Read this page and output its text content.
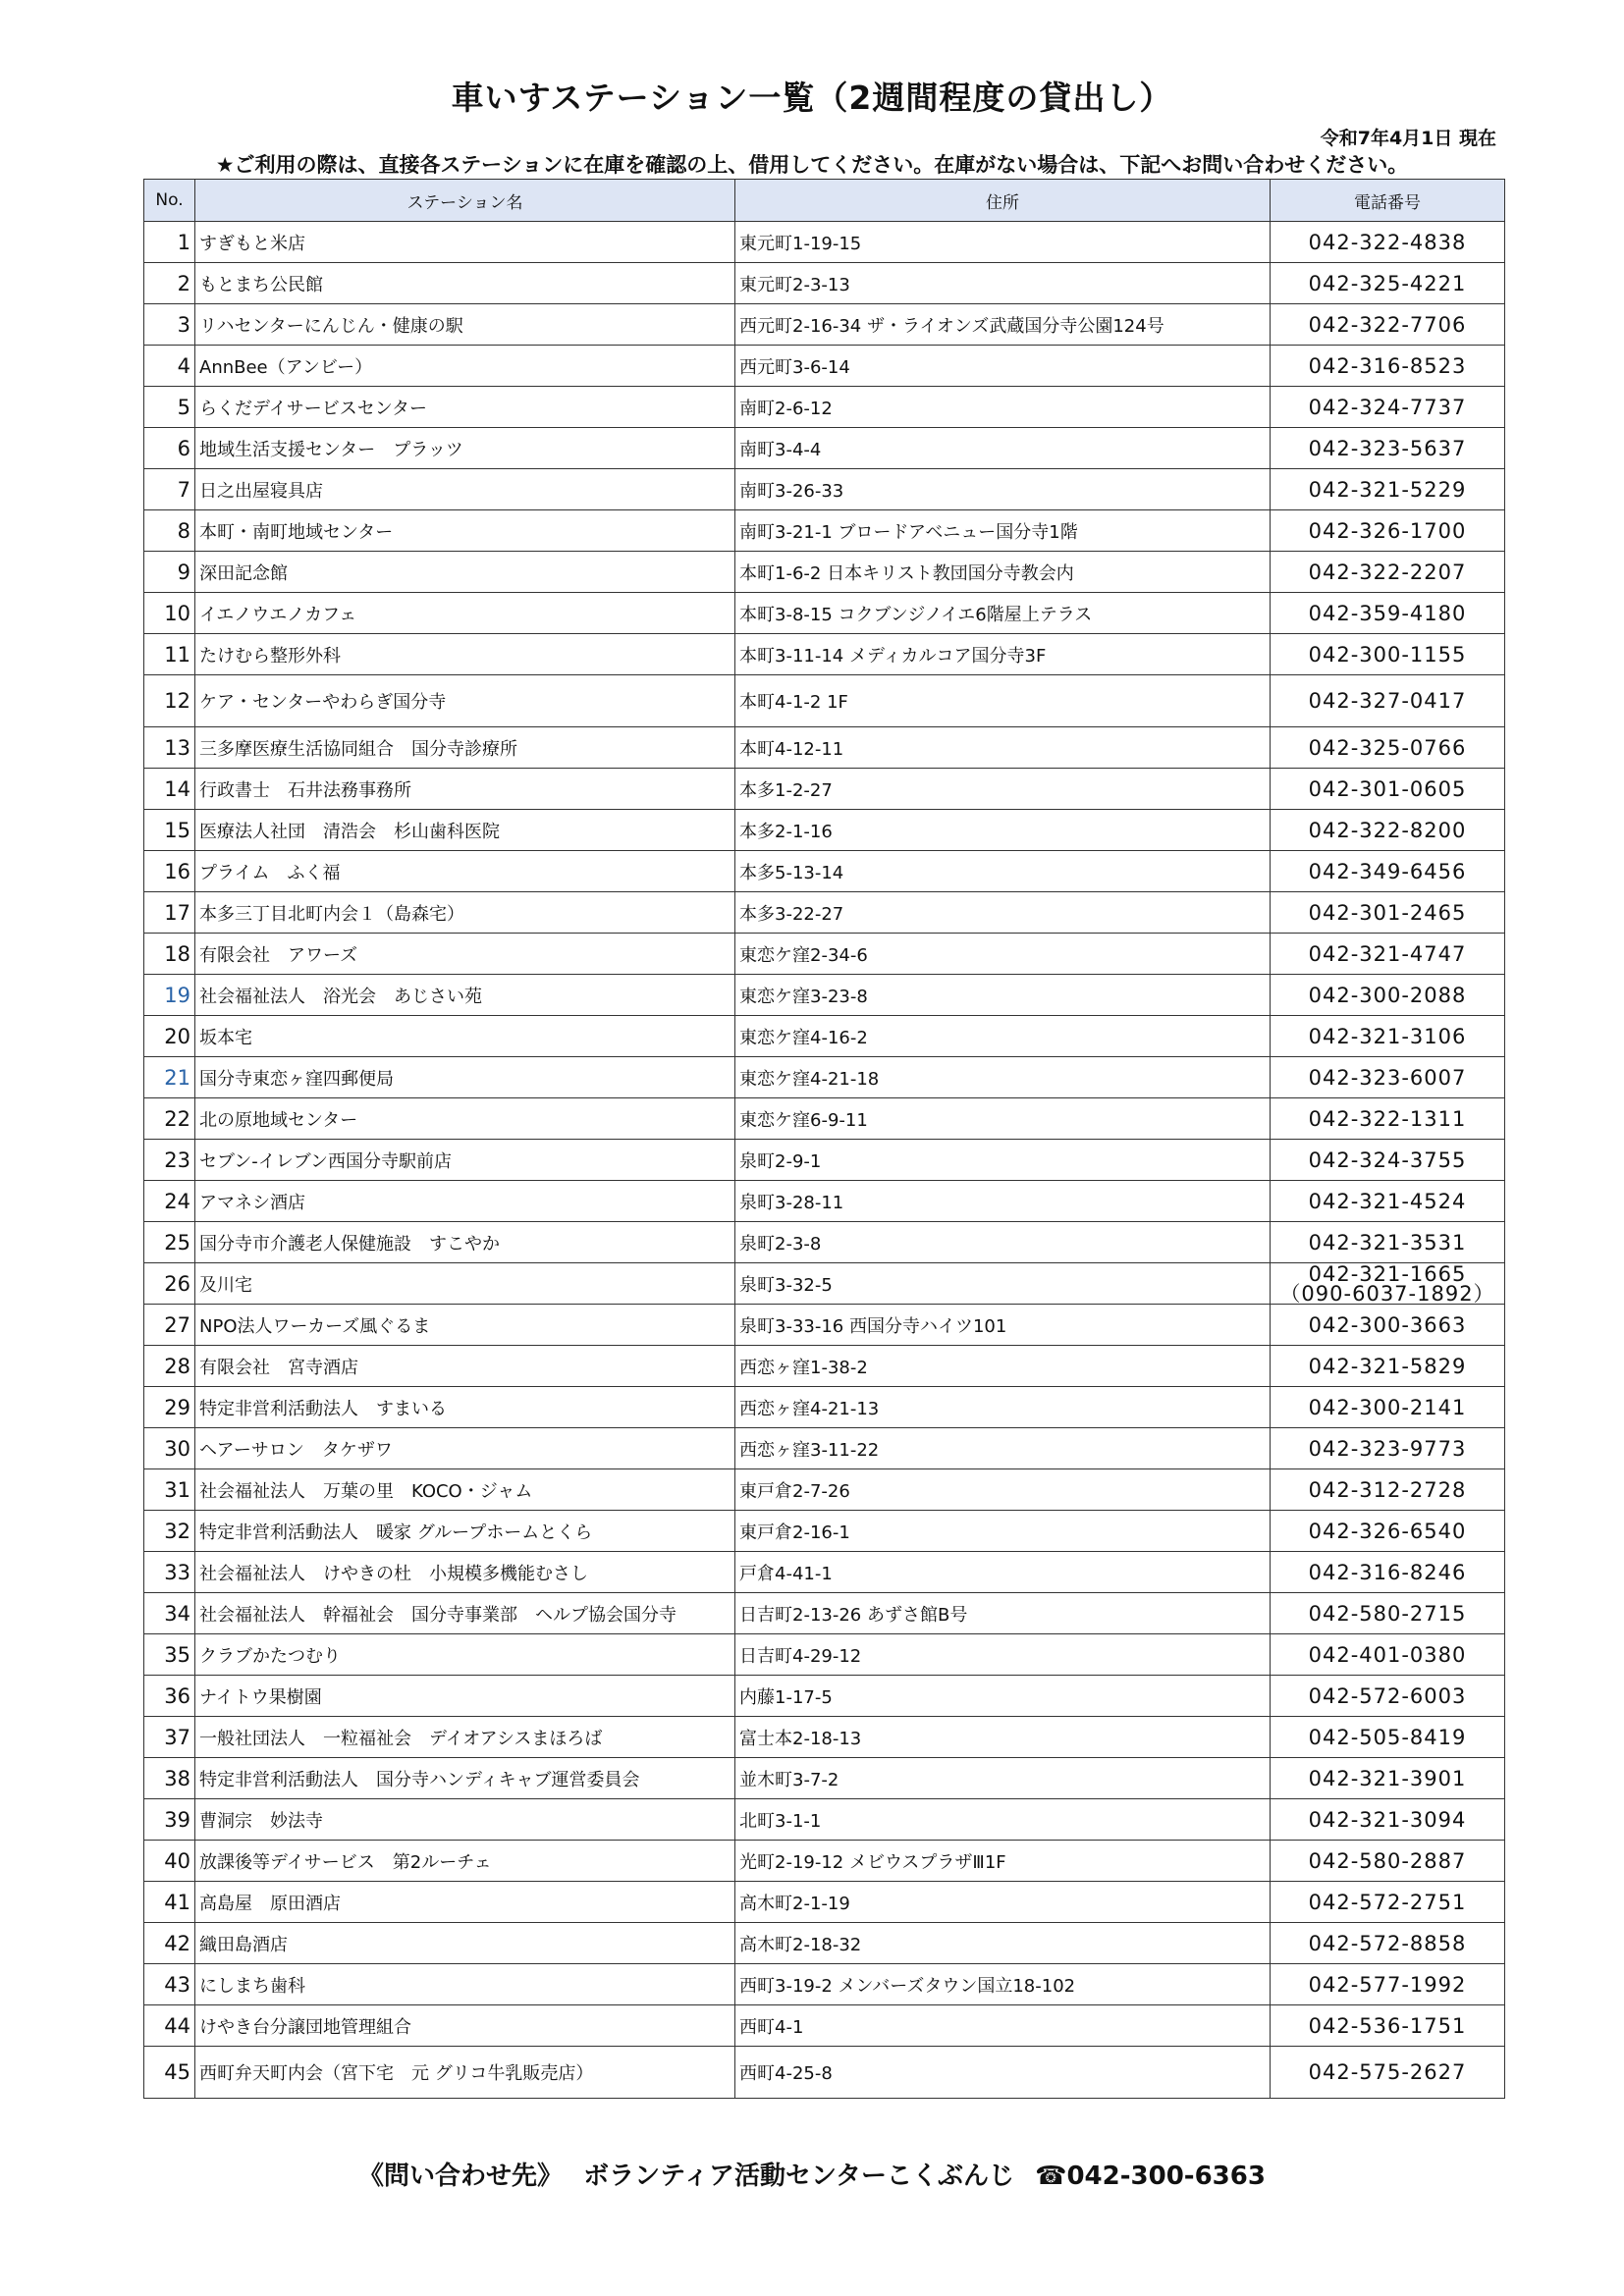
車いすステーション一覧（2週間程度の貸出し）
令和7年4月1日 現在
★ご利用の際は、直接各ステーションに在庫を確認の上、借用してください。在庫がない場合は、下記へお問い合わせください。
No.	ステーション名	住所	電話番号
1	すぎもと米店	東元町1-19-15	042-322-4838

2	もとまち公民館	東元町2-3-13	042-325-4221

3	リハセンターにんじん・健康の駅	西元町2-16-34 ザ・ライオンズ武蔵国分寺公園124号	042-322-7706

4	AnnBee（アンビー）	西元町3-6-14	042-316-8523

5	らくだデイサービスセンター	南町2-6-12	042-324-7737

6	地域生活支援センター　プラッツ	南町3-4-4	042-323-5637

7	日之出屋寝具店	南町3-26-33	042-321-5229

8	本町・南町地域センター	南町3-21-1 ブロードアベニュー国分寺1階	042-326-1700

9	深田記念館	本町1-6-2 日本キリスト教団国分寺教会内	042-322-2207

10	イエノウエノカフェ	本町3-8-15 コクブンジノイエ6階屋上テラス	042-359-4180

11	たけむら整形外科	本町3-11-14 メディカルコア国分寺3F	042-300-1155

12	ケア・センターやわらぎ国分寺	本町4-1-2 1F	042-327-0417

13	三多摩医療生活協同組合　国分寺診療所	本町4-12-11	042-325-0766

14	行政書士　石井法務事務所	本多1-2-27	042-301-0605

15	医療法人社団　清浩会　杉山歯科医院	本多2-1-16	042-322-8200

16	プライム　ふく福	本多5-13-14	042-349-6456

17	本多三丁目北町内会１（島森宅）	本多3-22-27	042-301-2465

18	有限会社　アワーズ	東恋ケ窪2-34-6	042-321-4747

19	社会福祉法人　浴光会　あじさい苑	東恋ケ窪3-23-8	042-300-2088

20	坂本宅	東恋ケ窪4-16-2	042-321-3106

21	国分寺東恋ヶ窪四郵便局	東恋ケ窪4-21-18	042-323-6007

22	北の原地域センター	東恋ケ窪6-9-11	042-322-1311

23	セブン-イレブン西国分寺駅前店	泉町2-9-1	042-324-3755

24	アマネシ酒店	泉町3-28-11	042-321-4524

25	国分寺市介護老人保健施設　すこやか	泉町2-3-8	042-321-3531

26	及川宅	泉町3-32-5	042-321-1665
（090-6037-1892）

27	NPO法人ワーカーズ風ぐるま	泉町3-33-16 西国分寺ハイツ101	042-300-3663

28	有限会社　宮寺酒店	西恋ヶ窪1-38-2	042-321-5829

29	特定非営利活動法人　すまいる	西恋ヶ窪4-21-13	042-300-2141

30	ヘアーサロン　タケザワ	西恋ヶ窪3-11-22	042-323-9773

31	社会福祉法人　万葉の里　KOCO・ジャム	東戸倉2-7-26	042-312-2728

32	特定非営利活動法人　暖家 グループホームとくら	東戸倉2-16-1	042-326-6540

33	社会福祉法人　けやきの杜　小規模多機能むさし	戸倉4-41-1	042-316-8246

34	社会福祉法人　幹福祉会　国分寺事業部　ヘルプ協会国分寺	日吉町2-13-26 あずさ館B号	042-580-2715

35	クラブかたつむり	日吉町4-29-12	042-401-0380

36	ナイトウ果樹園	内藤1-17-5	042-572-6003

37	一般社団法人　一粒福祉会　デイオアシスまほろば	富士本2-18-13	042-505-8419

38	特定非営利活動法人　国分寺ハンディキャブ運営委員会	並木町3-7-2	042-321-3901

39	曹洞宗　妙法寺	北町3-1-1	042-321-3094

40	放課後等デイサービス　第2ルーチェ	光町2-19-12 メビウスプラザⅢ1F	042-580-2887

41	高島屋　原田酒店	高木町2-1-19	042-572-2751

42	織田島酒店	高木町2-18-32	042-572-8858

43	にしまち歯科	西町3-19-2 メンバーズタウン国立18-102	042-577-1992

44	けやき台分譲団地管理組合	西町4-1	042-536-1751

45	西町弁天町内会（宮下宅　元 グリコ牛乳販売店）	西町4-25-8	042-575-2627
《問い合わせ先》 ボランティア活動センターこくぶんじ ☎042-300-6363
